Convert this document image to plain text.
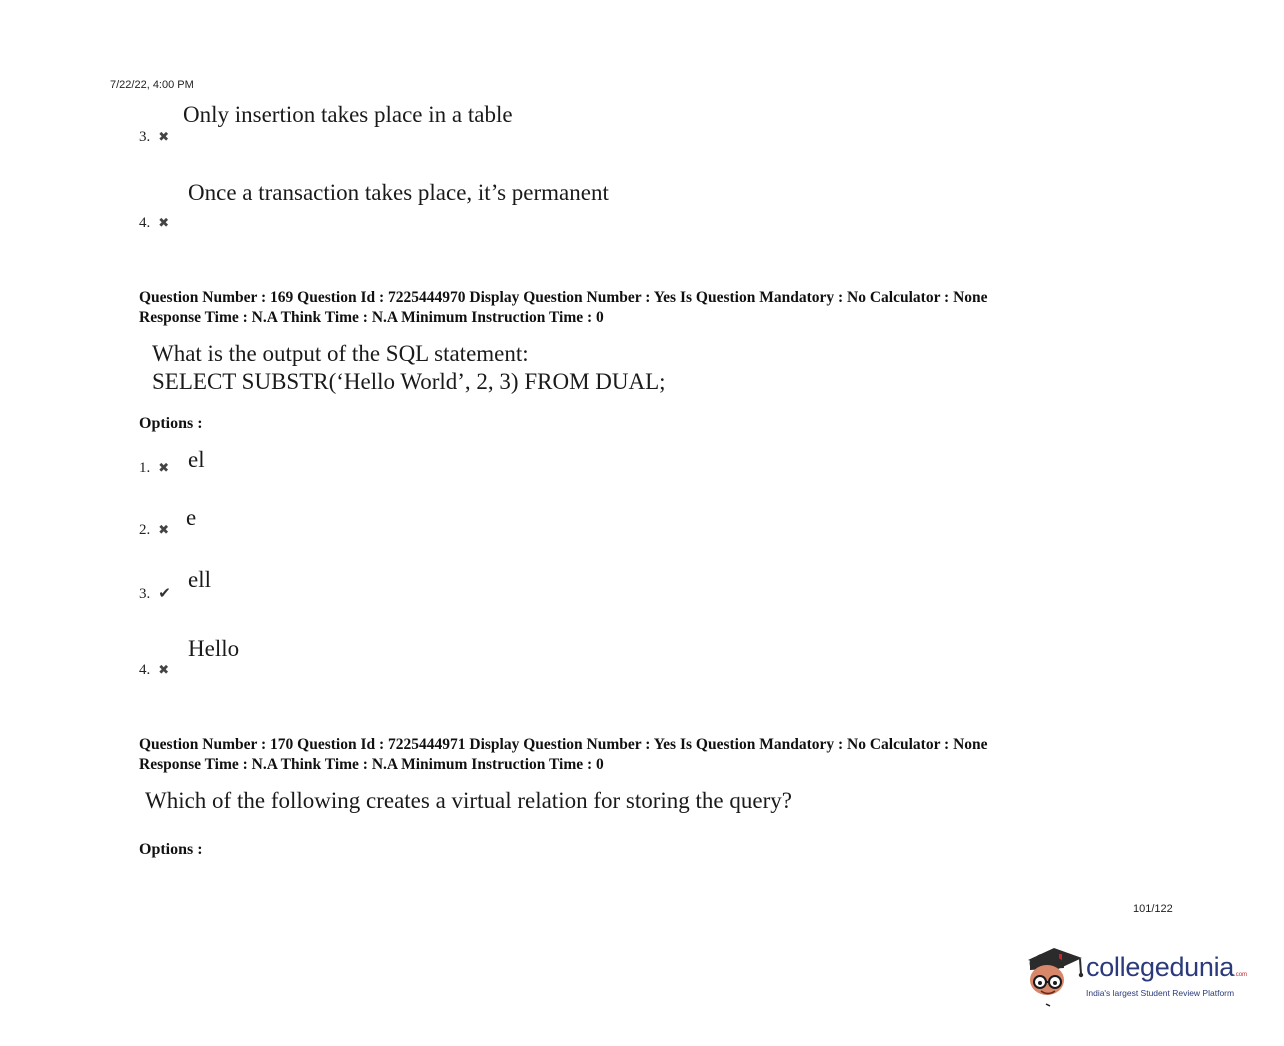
7/22/22, 4:00 PM
Only insertion takes place in a table
3. ✖
Once a transaction takes place, it’s permanent
4. ✖
Question Number : 169 Question Id : 7225444970 Display Question Number : Yes Is Question Mandatory : No Calculator : None
Response Time : N.A Think Time : N.A Minimum Instruction Time : 0
What is the output of the SQL statement:
SELECT SUBSTR(‘Hello World’, 2, 3) FROM DUAL;
Options :
1. ✖ el
2. ✖ e
3. ✔
ell
4. ✖
Hello
Question Number : 170 Question Id : 7225444971 Display Question Number : Yes Is Question Mandatory : No Calculator : None
Response Time : N.A Think Time : N.A Minimum Instruction Time : 0
Which of the following creates a virtual relation for storing the query?
Options :
101/122
collegedunia.com
India's largest Student Review Platform
